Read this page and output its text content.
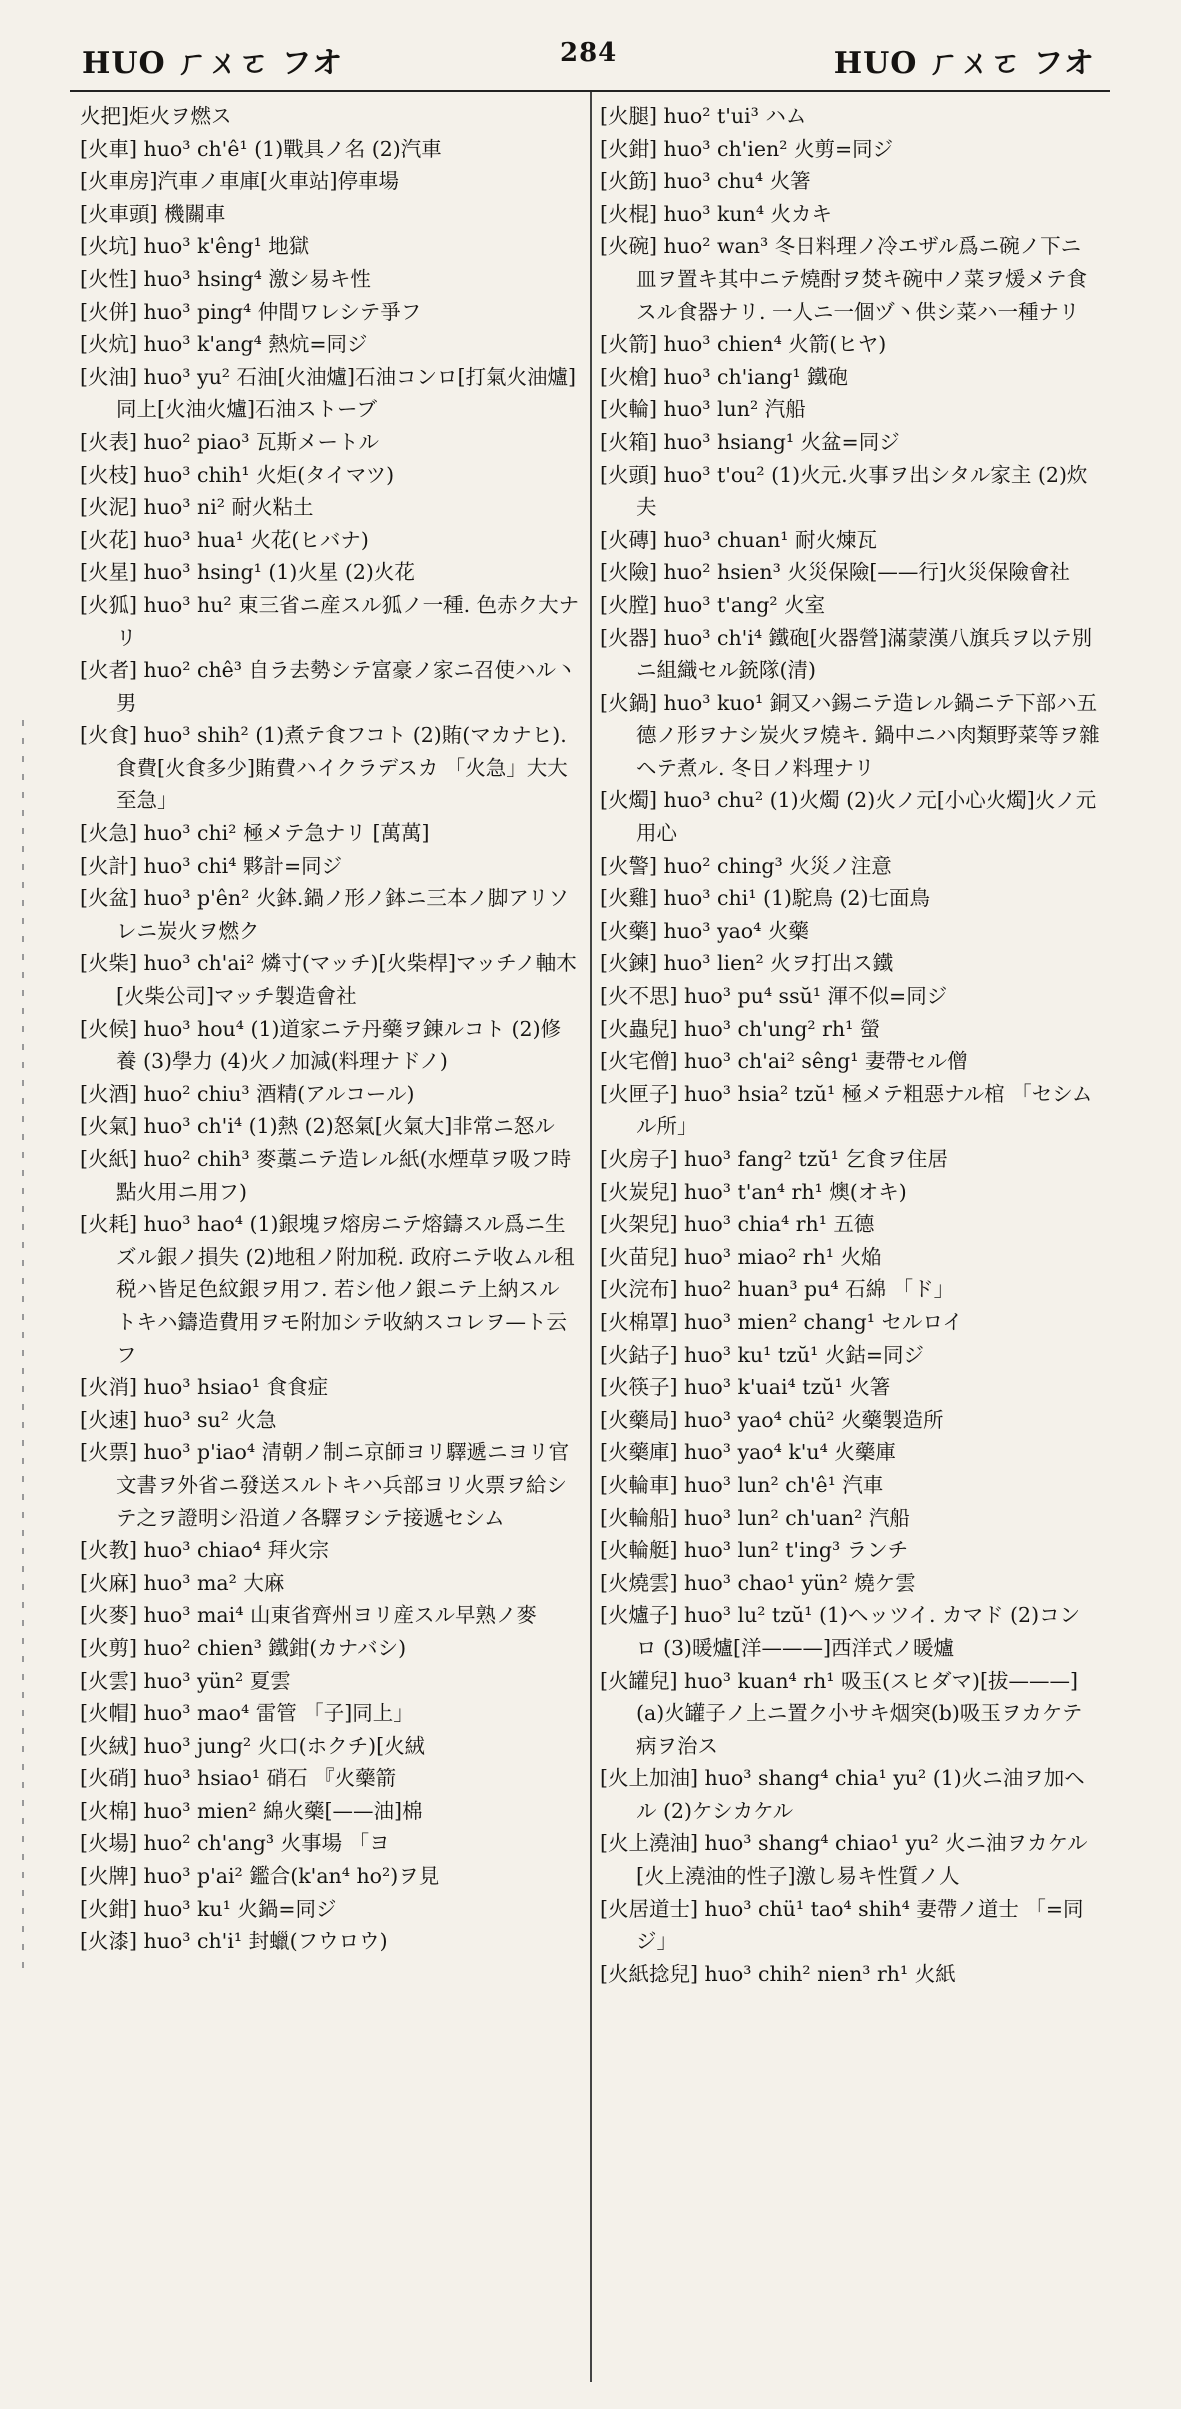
HUO ㄏㄨㄛ フオ	284	HUO ㄏㄨㄛ フオ

火把]炬火ヲ燃ス

[火車] huo³ ch'ê¹ (1)戰具ノ名 (2)汽車

[火車房]汽車ノ車庫[火車站]停車場

[火車頭] 機關車

[火坑] huo³ k'êng¹ 地獄

[火性] huo³ hsing⁴ 激シ易キ性

[火併] huo³ ping⁴ 仲間ワレシテ爭フ

[火炕] huo³ k'ang⁴ 熱炕=同ジ

[火油] huo³ yu² 石油[火油爐]石油コンロ[打氣火油爐]同上[火油火爐]石油ストーブ

[火表] huo² piao³ 瓦斯メートル

[火枝] huo³ chih¹ 火炬(タイマツ)

[火泥] huo³ ni² 耐火粘土

[火花] huo³ hua¹ 火花(ヒバナ)

[火星] huo³ hsing¹ (1)火星 (2)火花

[火狐] huo³ hu² 東三省ニ産スル狐ノ一種. 色赤ク大ナリ

[火者] huo² chê³ 自ラ去勢シテ富豪ノ家ニ召使ハル丶男

[火食] huo³ shih² (1)煮テ食フコト (2)賄(マカナヒ). 食費[火食多少]賄費ハイクラデスカ 「火急」大大至急」

[火急] huo³ chi² 極メテ急ナリ [萬萬]

[火計] huo³ chi⁴ 夥計=同ジ

[火盆] huo³ p'ên² 火鉢.鍋ノ形ノ鉢ニ三本ノ脚アリソレニ炭火ヲ燃ク

[火柴] huo³ ch'ai² 燐寸(マッチ)[火柴桿]マッチノ軸木[火柴公司]マッチ製造會社

[火候] huo³ hou⁴ (1)道家ニテ丹藥ヲ錬ルコト (2)修養 (3)學力 (4)火ノ加減(料理ナドノ)

[火酒] huo² chiu³ 酒精(アルコール)

[火氣] huo³ ch'i⁴ (1)熱 (2)怒氣[火氣大]非常ニ怒ル

[火紙] huo² chih³ 麥藁ニテ造レル紙(水煙草ヲ吸フ時點火用ニ用フ)

[火耗] huo³ hao⁴ (1)銀塊ヲ熔房ニテ熔鑄スル爲ニ生ズル銀ノ損失 (2)地租ノ附加税. 政府ニテ收ムル租税ハ皆足色紋銀ヲ用フ. 若シ他ノ銀ニテ上納スルトキハ鑄造費用ヲモ附加シテ收納スコレヲ—ト云フ

[火消] huo³ hsiao¹ 食食症

[火速] huo³ su² 火急

[火票] huo³ p'iao⁴ 清朝ノ制ニ京師ヨリ驛遞ニヨリ官文書ヲ外省ニ發送スルトキハ兵部ヨリ火票ヲ給シテ之ヲ證明シ沿道ノ各驛ヲシテ接遞セシム

[火教] huo³ chiao⁴ 拜火宗

[火麻] huo³ ma² 大麻

[火麥] huo³ mai⁴ 山東省齊州ヨリ産スル早熟ノ麥

[火剪] huo² chien³ 鐵鉗(カナバシ)

[火雲] huo³ yün² 夏雲

[火帽] huo³ mao⁴ 雷管 「子]同上」

[火絨] huo³ jung² 火口(ホクチ)[火絨

[火硝] huo³ hsiao¹ 硝石 『火藥箭

[火棉] huo³ mien² 綿火藥[——油]棉

[火場] huo² ch'ang³ 火事場 「ヨ

[火牌] huo³ p'ai² 鑑合(k'an⁴ ho²)ヲ見

[火鉗] huo³ ku¹ 火鍋=同ジ

[火漆] huo³ ch'i¹ 封蠟(フウロウ)

[火腿] huo² t'ui³ ハム

[火鉗] huo³ ch'ien² 火剪=同ジ

[火筯] huo³ chu⁴ 火箸

[火棍] huo³ kun⁴ 火カキ

[火碗] huo² wan³ 冬日料理ノ冷エザル爲ニ碗ノ下ニ皿ヲ置キ其中ニテ燒酎ヲ焚キ碗中ノ菜ヲ煖メテ食スル食器ナリ. 一人ニ一個ヅ丶供シ菜ハ一種ナリ

[火箭] huo³ chien⁴ 火箭(ヒヤ)

[火槍] huo³ ch'iang¹ 鐵砲

[火輪] huo³ lun² 汽船

[火箱] huo³ hsiang¹ 火盆=同ジ

[火頭] huo³ t'ou² (1)火元.火事ヲ出シタル家主 (2)炊夫

[火磚] huo³ chuan¹ 耐火煉瓦

[火險] huo² hsien³ 火災保險[——行]火災保險會社

[火膛] huo³ t'ang² 火室

[火器] huo³ ch'i⁴ 鐵砲[火器營]滿蒙漢八旗兵ヲ以テ別ニ組織セル銃隊(清)

[火鍋] huo³ kuo¹ 銅又ハ錫ニテ造レル鍋ニテ下部ハ五德ノ形ヲナシ炭火ヲ燒キ. 鍋中ニハ肉類野菜等ヲ雜ヘテ煮ル. 冬日ノ料理ナリ

[火燭] huo³ chu² (1)火燭 (2)火ノ元[小心火燭]火ノ元用心

[火警] huo² ching³ 火災ノ注意

[火雞] huo³ chi¹ (1)駝鳥 (2)七面鳥

[火藥] huo³ yao⁴ 火藥

[火鍊] huo³ lien² 火ヲ打出ス鐵

[火不思] huo³ pu⁴ ssŭ¹ 渾不似=同ジ

[火蟲兒] huo³ ch'ung² rh¹ 螢

[火宅僧] huo³ ch'ai² sêng¹ 妻帶セル僧

[火匣子] huo³ hsia² tzŭ¹ 極メテ粗惡ナル棺 「セシムル所」

[火房子] huo³ fang² tzŭ¹ 乞食ヲ住居

[火炭兒] huo³ t'an⁴ rh¹ 燠(オキ)

[火架兒] huo³ chia⁴ rh¹ 五德

[火苗兒] huo³ miao² rh¹ 火焔

[火浣布] huo² huan³ pu⁴ 石綿 「ド」

[火棉罩] huo³ mien² chang¹ セルロイ

[火鈷子] huo³ ku¹ tzŭ¹ 火鈷=同ジ

[火筷子] huo³ k'uai⁴ tzŭ¹ 火箸

[火藥局] huo³ yao⁴ chü² 火藥製造所

[火藥庫] huo³ yao⁴ k'u⁴ 火藥庫

[火輪車] huo³ lun² ch'ê¹ 汽車

[火輪船] huo³ lun² ch'uan² 汽船

[火輪艇] huo³ lun² t'ing³ ランチ

[火燒雲] huo³ chao¹ yün² 燒ケ雲

[火爐子] huo³ lu² tzŭ¹ (1)ヘッツイ. カマド (2)コンロ (3)暖爐[洋———]西洋式ノ暖爐

[火罐兒] huo³ kuan⁴ rh¹ 吸玉(スヒダマ)[拔———](a)火罐子ノ上ニ置ク小サキ烟突(b)吸玉ヲカケテ病ヲ治ス

[火上加油] huo³ shang⁴ chia¹ yu² (1)火ニ油ヲ加ヘル (2)ケシカケル

[火上澆油] huo³ shang⁴ chiao¹ yu² 火ニ油ヲカケル[火上澆油的性子]激し易キ性質ノ人

[火居道士] huo³ chü¹ tao⁴ shih⁴ 妻帶ノ道士 「=同ジ」

[火紙捻兒] huo³ chih² nien³ rh¹ 火紙
